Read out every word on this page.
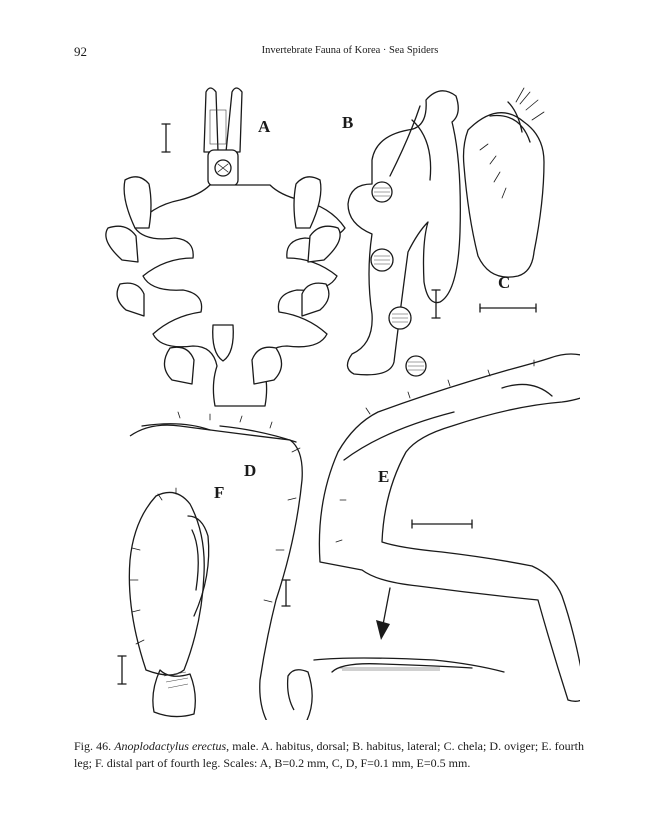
92	Invertebrate Fauna of Korea · Sea Spiders
A	B
C
D	E
F
Fig. 46. Anoplodactylus erectus, male. A. habitus, dorsal; B. habitus, lateral; C. chela; D. oviger; E. fourth leg; F. distal part of fourth leg. Scales: A, B=0.2 mm, C, D, F=0.1 mm, E=0.5 mm.
